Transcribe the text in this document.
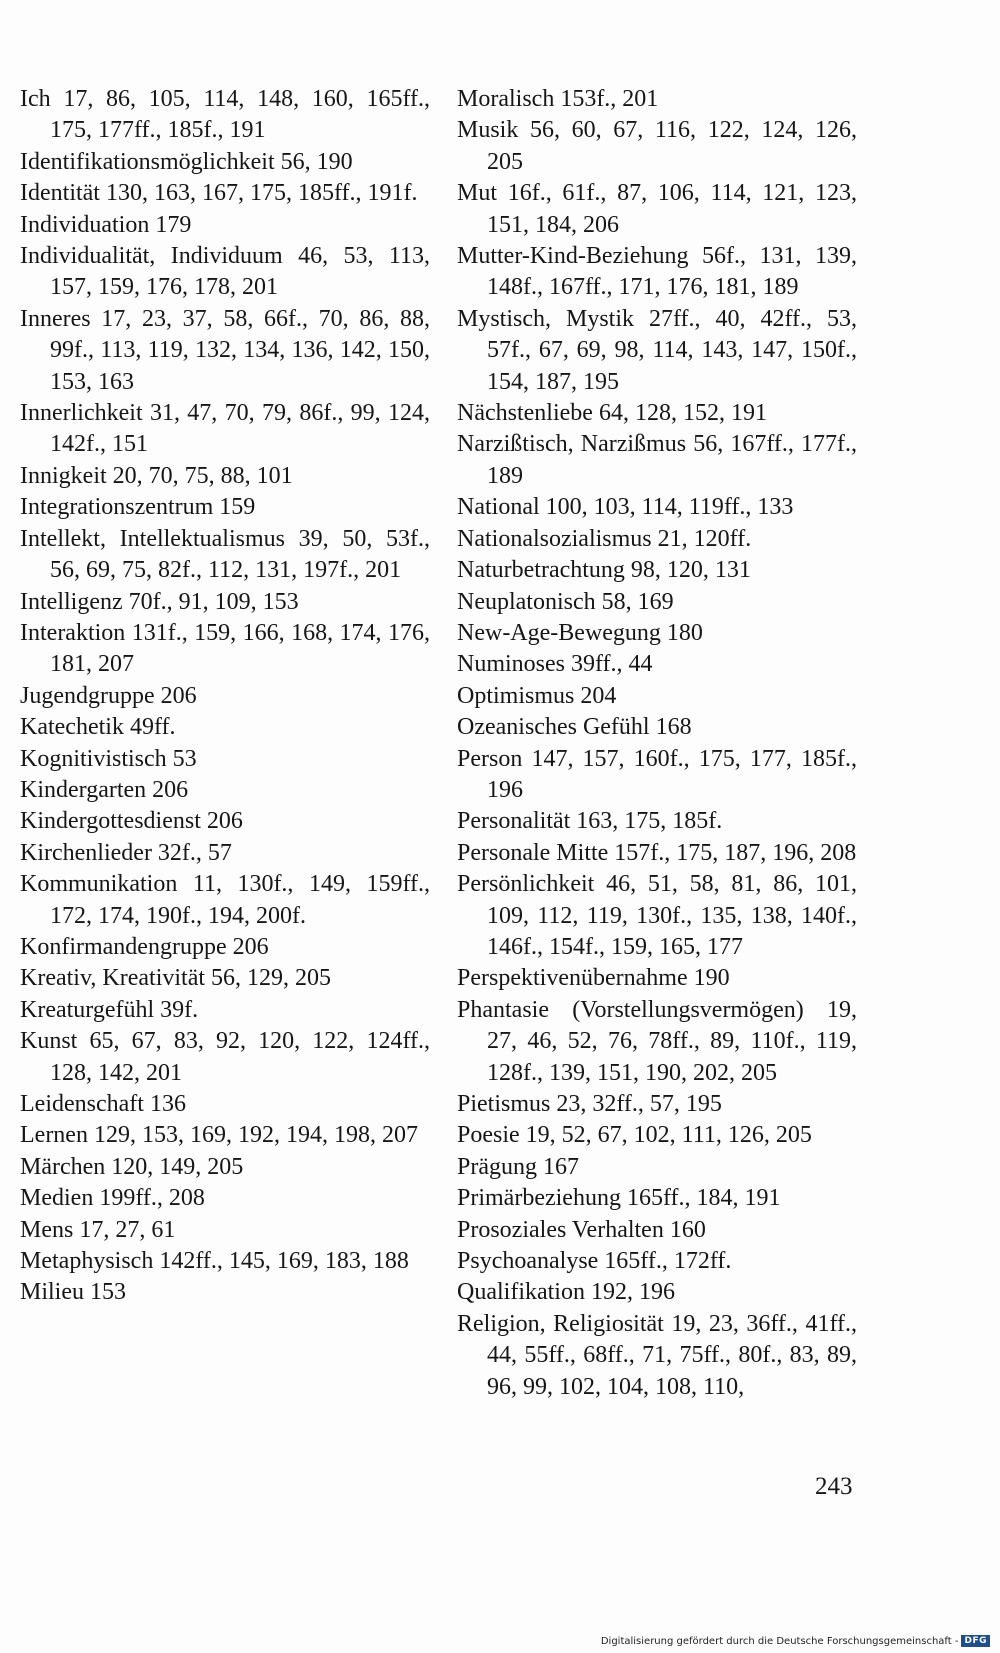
Ich 17, 86, 105, 114, 148, 160, 165ff., 175, 177ff., 185f., 191

Identifikationsmöglichkeit 56, 190

Identität 130, 163, 167, 175, 185ff., 191f.

Individuation 179

Individualität, Individuum 46, 53, 113, 157, 159, 176, 178, 201

Inneres 17, 23, 37, 58, 66f., 70, 86, 88, 99f., 113, 119, 132, 134, 136, 142, 150, 153, 163

Innerlichkeit 31, 47, 70, 79, 86f., 99, 124, 142f., 151

Innigkeit 20, 70, 75, 88, 101

Integrationszentrum 159

Intellekt, Intellektualismus 39, 50, 53f., 56, 69, 75, 82f., 112, 131, 197f., 201

Intelligenz 70f., 91, 109, 153

Interaktion 131f., 159, 166, 168, 174, 176, 181, 207

Jugendgruppe 206

Katechetik 49ff.

Kognitivistisch 53

Kindergarten 206

Kindergottesdienst 206

Kirchenlieder 32f., 57

Kommunikation 11, 130f., 149, 159ff., 172, 174, 190f., 194, 200f.

Konfirmandengruppe 206

Kreativ, Kreativität 56, 129, 205

Kreaturgefühl 39f.

Kunst 65, 67, 83, 92, 120, 122, 124ff., 128, 142, 201

Leidenschaft 136

Lernen 129, 153, 169, 192, 194, 198, 207

Märchen 120, 149, 205

Medien 199ff., 208

Mens 17, 27, 61

Metaphysisch 142ff., 145, 169, 183, 188

Milieu 153

Moralisch 153f., 201

Musik 56, 60, 67, 116, 122, 124, 126, 205

Mut 16f., 61f., 87, 106, 114, 121, 123, 151, 184, 206

Mutter-Kind-Beziehung 56f., 131, 139, 148f., 167ff., 171, 176, 181, 189

Mystisch, Mystik 27ff., 40, 42ff., 53, 57f., 67, 69, 98, 114, 143, 147, 150f., 154, 187, 195

Nächstenliebe 64, 128, 152, 191

Narzißtisch, Narzißmus 56, 167ff., 177f., 189

National 100, 103, 114, 119ff., 133

Nationalsozialismus 21, 120ff.

Naturbetrachtung 98, 120, 131

Neuplatonisch 58, 169

New-Age-Bewegung 180

Numinoses 39ff., 44

Optimismus 204

Ozeanisches Gefühl 168

Person 147, 157, 160f., 175, 177, 185f., 196

Personalität 163, 175, 185f.

Personale Mitte 157f., 175, 187, 196, 208

Persönlichkeit 46, 51, 58, 81, 86, 101, 109, 112, 119, 130f., 135, 138, 140f., 146f., 154f., 159, 165, 177

Perspektivenübernahme 190

Phantasie (Vorstellungsvermögen) 19, 27, 46, 52, 76, 78ff., 89, 110f., 119, 128f., 139, 151, 190, 202, 205

Pietismus 23, 32ff., 57, 195

Poesie 19, 52, 67, 102, 111, 126, 205

Prägung 167

Primärbeziehung 165ff., 184, 191

Prosoziales Verhalten 160

Psychoanalyse 165ff., 172ff.

Qualifikation 192, 196

Religion, Religiosität 19, 23, 36ff., 41ff., 44, 55ff., 68ff., 71, 75ff., 80f., 83, 89, 96, 99, 102, 104, 108, 110,

243
Digitalisierung gefördert durch die Deutsche Forschungsgemeinschaft - DFG
